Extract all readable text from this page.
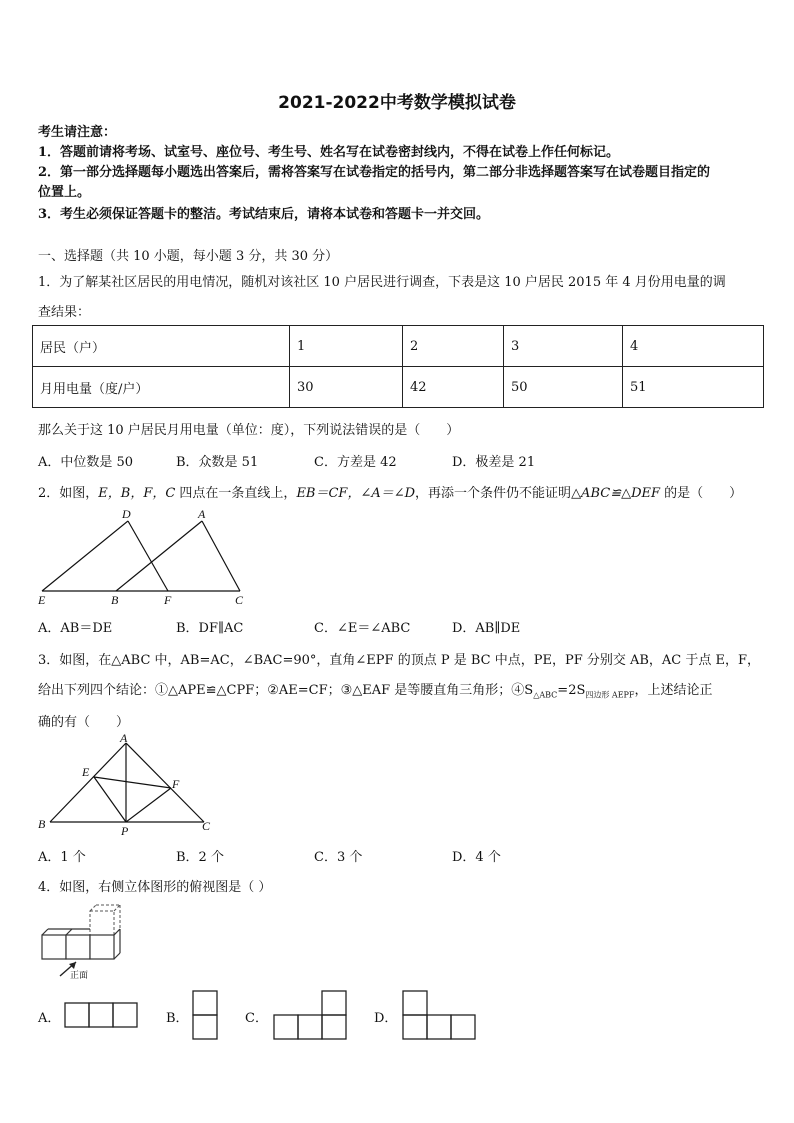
2021-2022中考数学模拟试卷
考生请注意：
1．答题前请将考场、试室号、座位号、考生号、姓名写在试卷密封线内，不得在试卷上作任何标记。
2．第一部分选择题每小题选出答案后，需将答案写在试卷指定的括号内，第二部分非选择题答案写在试卷题目指定的
位置上。
3．考生必须保证答题卡的整洁。考试结束后，请将本试卷和答题卡一并交回。
一、选择题（共 10 小题，每小题 3 分，共 30 分）
1．为了解某社区居民的用电情况，随机对该社区 10 户居民进行调查，下表是这 10 户居民 2015 年 4 月份用电量的调
查结果：
居民（户）	1	2	3	4
月用电量（度/户）	30	42	50	51
那么关于这 10 户居民月用电量（单位：度），下列说法错误的是（　　）
A．中位数是 50	B．众数是 51	C．方差是 42	D．极差是 21
2．如图，E，B，F，C 四点在一条直线上，EB＝CF，∠A＝∠D，再添一个条件仍不能证明△ABC≌△DEF 的是（　　）
D	A
E	B	F	C
A．AB＝DE	B．DF∥AC	C．∠E＝∠ABC	D．AB∥DE
3．如图，在△ABC 中，AB=AC，∠BAC=90°，直角∠EPF 的顶点 P 是 BC 中点，PE，PF 分别交 AB，AC 于点 E，F，
给出下列四个结论：①△APE≌△CPF；②AE=CF；③△EAF 是等腰直角三角形；$④S_{\triangle ABC}=2S_{四边形 AEPF}$，上述结论正
确的有（　　）
A
E
F
B	P	C
A．1 个	B．2 个	C．3 个	D．4 个
4．如图，右侧立体图形的俯视图是（ ）
正面
A．	B．	C．	D．
